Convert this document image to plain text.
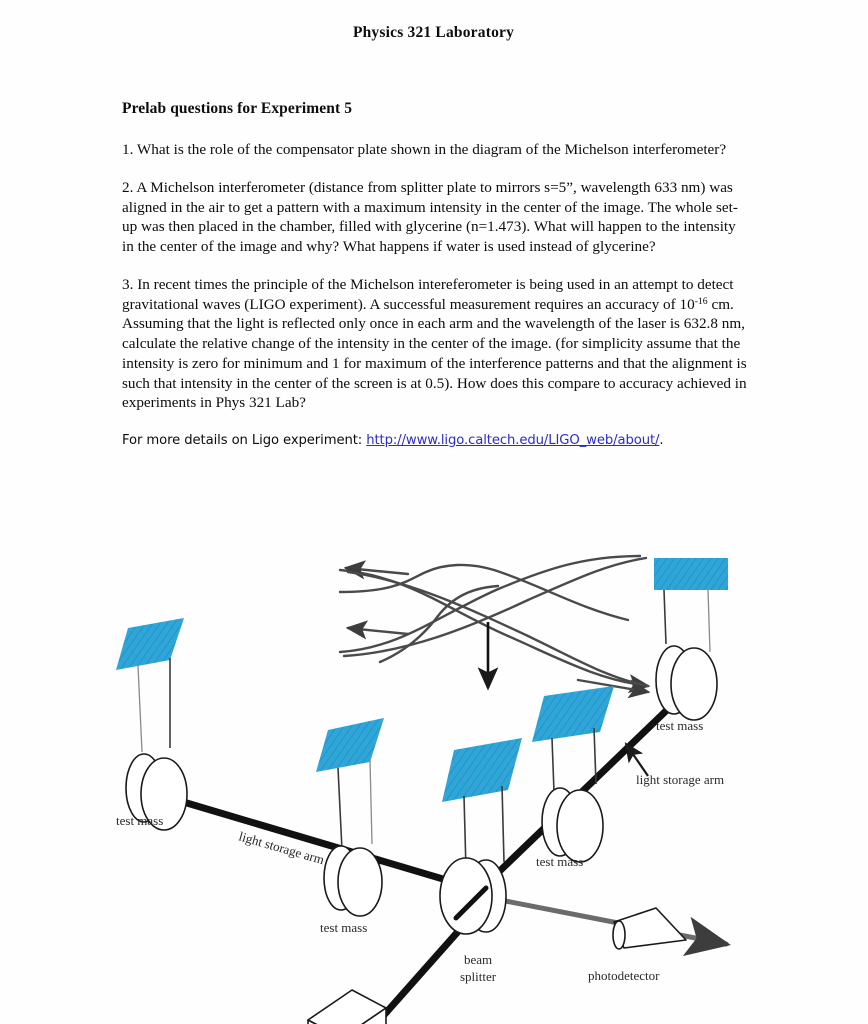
Physics 321 Laboratory
Prelab questions for Experiment 5

1. What is the role of the compensator plate shown in the diagram of the Michelson interferometer?

2. A Michelson interferometer (distance from splitter plate to mirrors s=5”, wavelength 633 nm) was aligned in the air to get a pattern with a maximum intensity in the center of the image. The whole set-up was then placed in the chamber, filled with glycerine (n=1.473). What will happen to the intensity in the center of the image and why? What happens if water is used instead of glycerine?

3. In recent times the principle of the Michelson intereferometer is being used in an attempt to detect gravitational waves (LIGO experiment). A successful measurement requires an accuracy of $10^{-16}$ cm. Assuming that the light is reflected only once in each arm and the wavelength of the laser is 632.8 nm, calculate the relative change of the intensity in the center of the image. (for simplicity assume that the intensity is zero for minimum and 1 for maximum of the interference patterns and that the alignment is such that intensity in the center of the screen is at 0.5). How does this compare to accuracy achieved in experiments in Phys 321 Lab?

For more details on Ligo experiment: http://www.ligo.caltech.edu/LIGO_web/about/.

test mass
light storage arm
test mass
test mass
test mass
light storage arm
beam
splitter	photodetector
